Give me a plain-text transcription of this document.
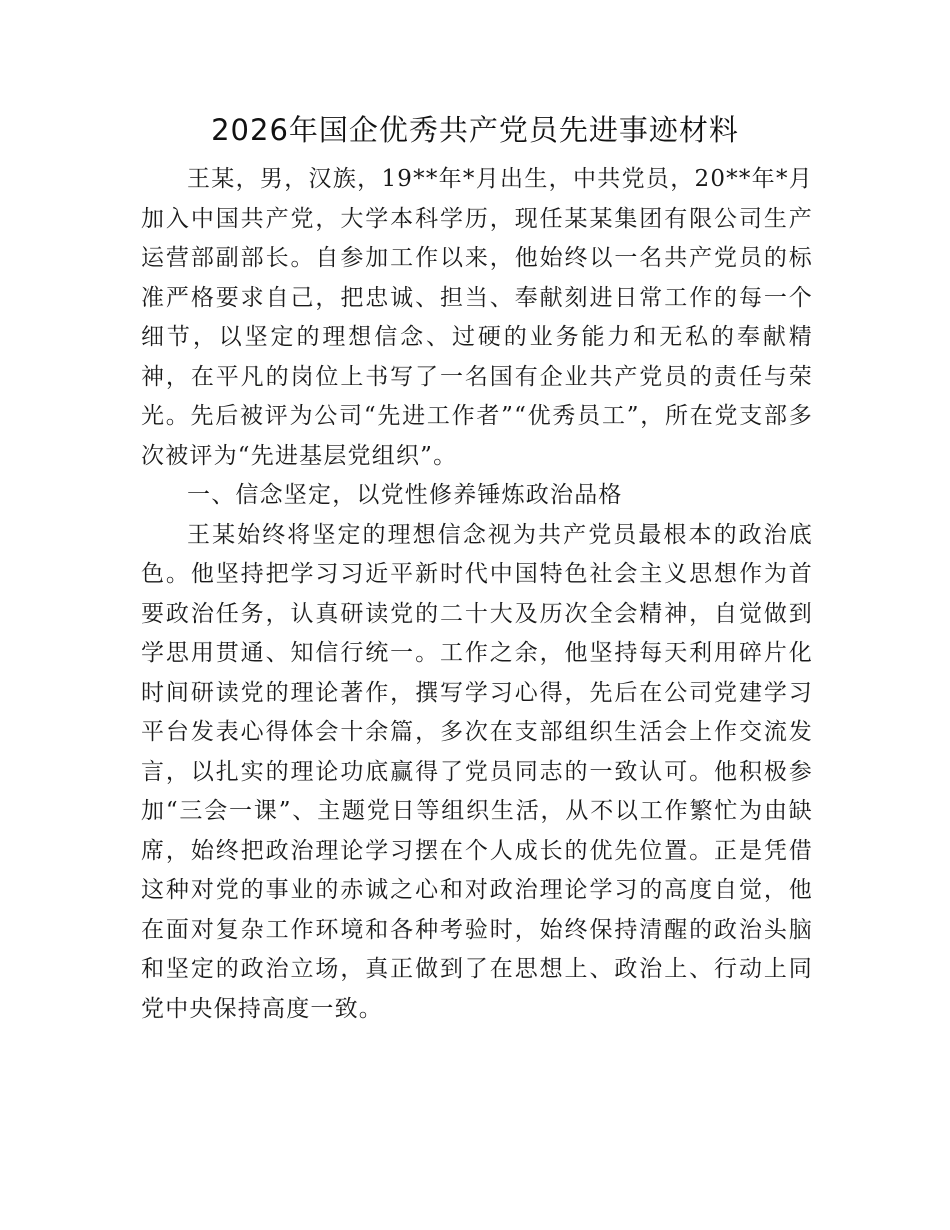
2026年国企优秀共产党员先进事迹材料

王某，男，汉族，19**年*月出生，中共党员，20**年*月加入中国共产党，大学本科学历，现任某某集团有限公司生产运营部副部长。自参加工作以来，他始终以一名共产党员的标准严格要求自己，把忠诚、担当、奉献刻进日常工作的每一个细节，以坚定的理想信念、过硬的业务能力和无私的奉献精神，在平凡的岗位上书写了一名国有企业共产党员的责任与荣光。先后被评为公司“先进工作者”“优秀员工”，所在党支部多次被评为“先进基层党组织”。

一、信念坚定，以党性修养锤炼政治品格

王某始终将坚定的理想信念视为共产党员最根本的政治底色。他坚持把学习习近平新时代中国特色社会主义思想作为首要政治任务，认真研读党的二十大及历次全会精神，自觉做到学思用贯通、知信行统一。工作之余，他坚持每天利用碎片化时间研读党的理论著作，撰写学习心得，先后在公司党建学习平台发表心得体会十余篇，多次在支部组织生活会上作交流发言，以扎实的理论功底赢得了党员同志的一致认可。他积极参加“三会一课”、主题党日等组织生活，从不以工作繁忙为由缺席，始终把政治理论学习摆在个人成长的优先位置。正是凭借这种对党的事业的赤诚之心和对政治理论学习的高度自觉，他在面对复杂工作环境和各种考验时，始终保持清醒的政治头脑和坚定的政治立场，真正做到了在思想上、政治上、行动上同党中央保持高度一致。
